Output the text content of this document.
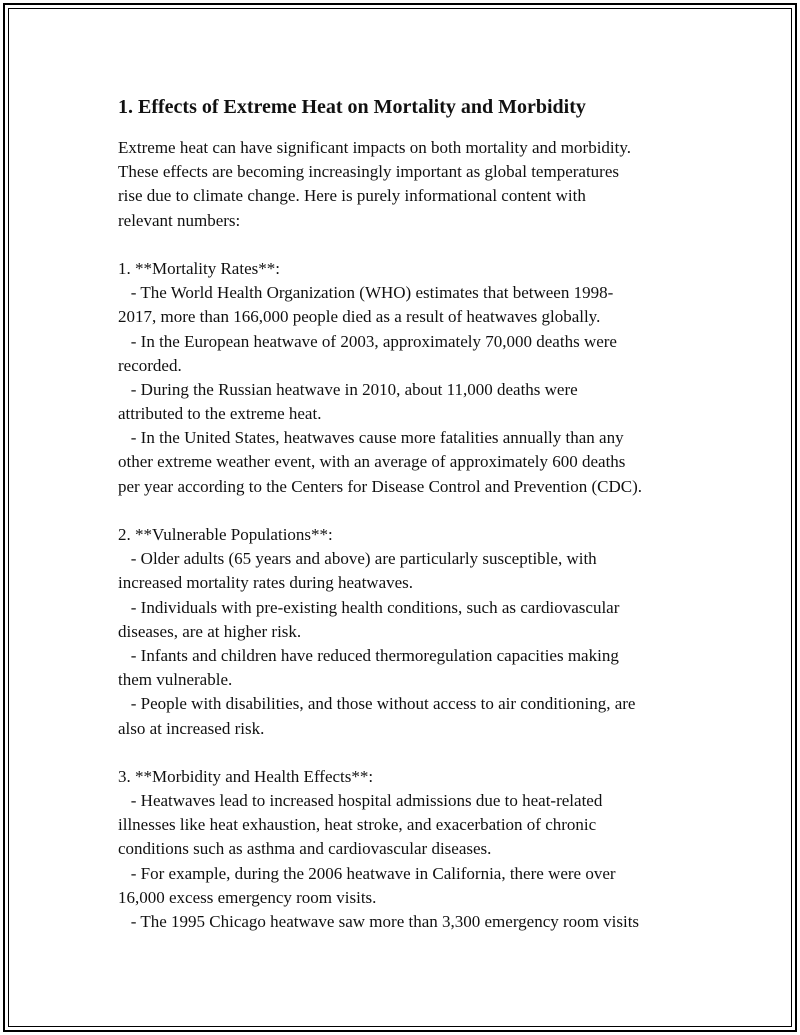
1. Effects of Extreme Heat on Mortality and Morbidity
Extreme heat can have significant impacts on both mortality and morbidity.
These effects are becoming increasingly important as global temperatures
rise due to climate change. Here is purely informational content with
relevant numbers:
1. **Mortality Rates**:
- The World Health Organization (WHO) estimates that between 1998-
2017, more than 166,000 people died as a result of heatwaves globally.
- In the European heatwave of 2003, approximately 70,000 deaths were
recorded.
- During the Russian heatwave in 2010, about 11,000 deaths were
attributed to the extreme heat.
- In the United States, heatwaves cause more fatalities annually than any
other extreme weather event, with an average of approximately 600 deaths
per year according to the Centers for Disease Control and Prevention (CDC).
2. **Vulnerable Populations**:
- Older adults (65 years and above) are particularly susceptible, with
increased mortality rates during heatwaves.
- Individuals with pre-existing health conditions, such as cardiovascular
diseases, are at higher risk.
- Infants and children have reduced thermoregulation capacities making
them vulnerable.
- People with disabilities, and those without access to air conditioning, are
also at increased risk.
3. **Morbidity and Health Effects**:
- Heatwaves lead to increased hospital admissions due to heat-related
illnesses like heat exhaustion, heat stroke, and exacerbation of chronic
conditions such as asthma and cardiovascular diseases.
- For example, during the 2006 heatwave in California, there were over
16,000 excess emergency room visits.
- The 1995 Chicago heatwave saw more than 3,300 emergency room visits
